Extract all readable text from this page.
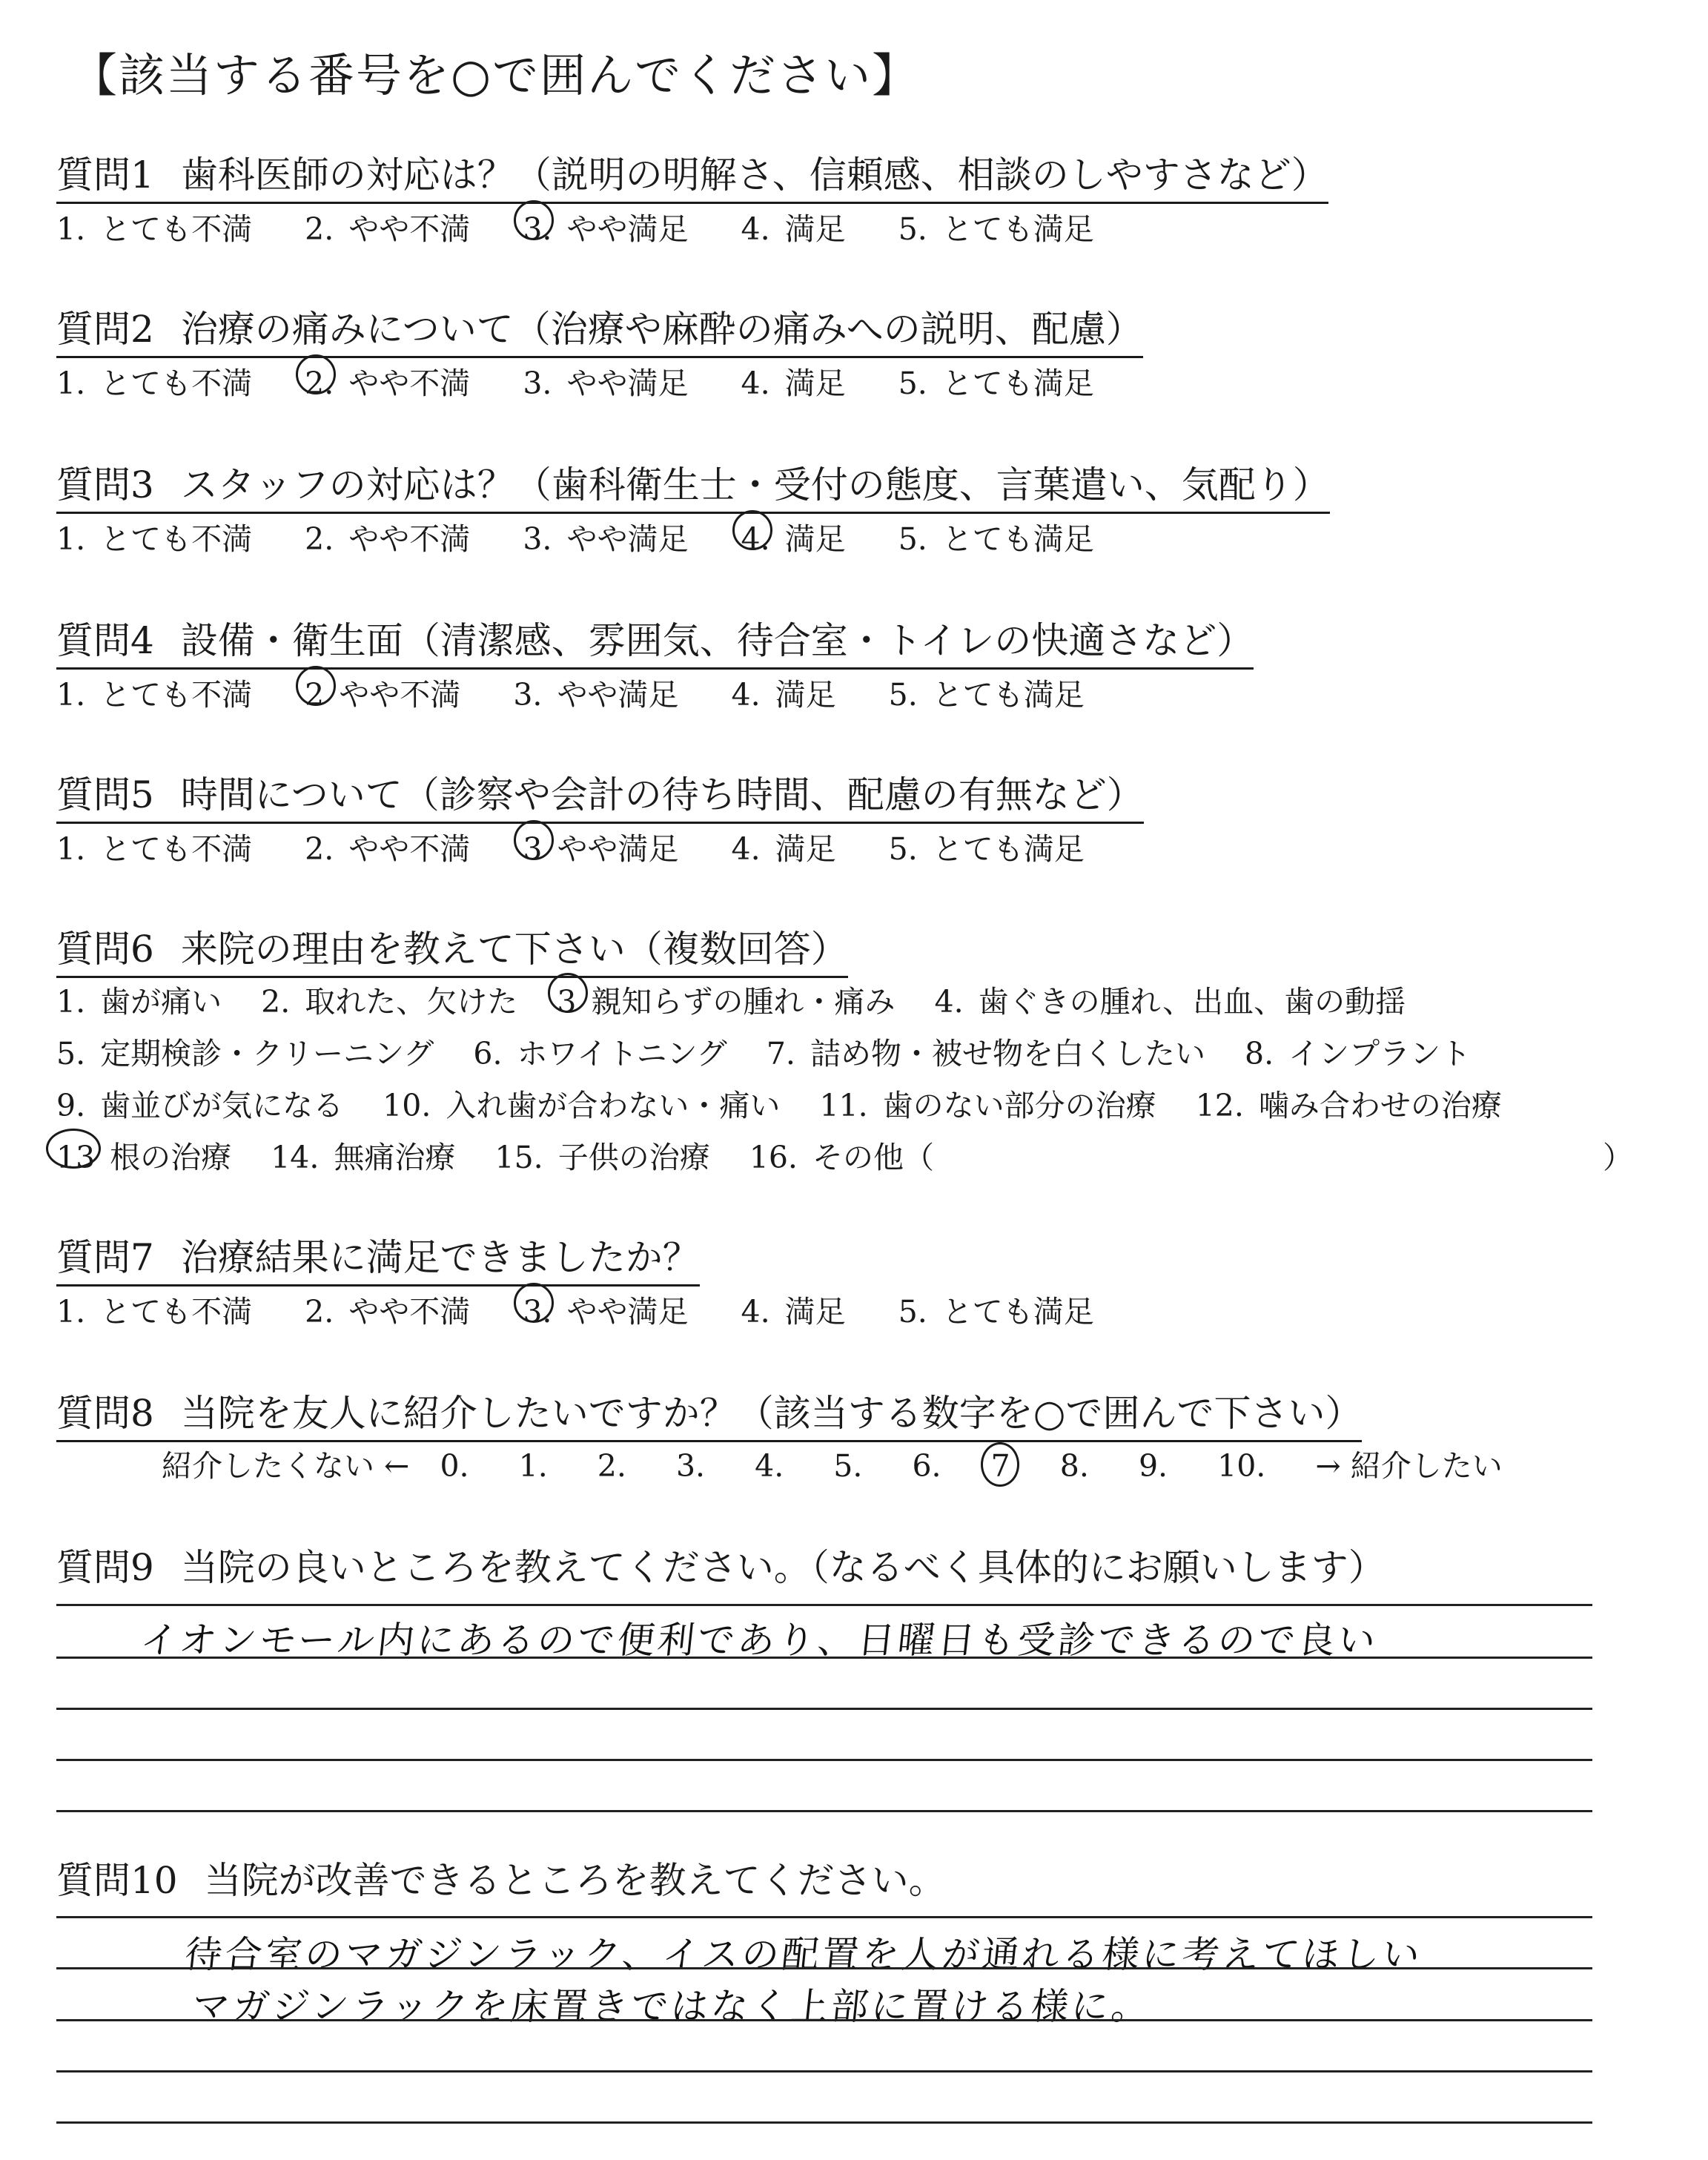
【該当する番号を○で囲んでください】
質問1 歯科医師の対応は？（説明の明解さ、信頼感、相談のしやすさなど）
1. とても不満 2. やや不満 3. やや満足 4. 満足 5. とても満足
質問2 治療の痛みについて（治療や麻酔の痛みへの説明、配慮）
1. とても不満 2. やや不満 3. やや満足 4. 満足 5. とても満足
質問3 スタッフの対応は？（歯科衛生士・受付の態度、言葉遣い、気配り）
1. とても不満 2. やや不満 3. やや満足 4. 満足 5. とても満足
質問4 設備・衛生面（清潔感、雰囲気、待合室・トイレの快適さなど）
1. とても不満 2 やや不満 3. やや満足 4. 満足 5. とても満足
質問5 時間について（診察や会計の待ち時間、配慮の有無など）
1. とても不満 2. やや不満 3 やや満足 4. 満足 5. とても満足
質問6 来院の理由を教えて下さい（複数回答）
1. 歯が痛い 2. 取れた、欠けた 3 親知らずの腫れ・痛み 4. 歯ぐきの腫れ、出血、歯の動揺
5. 定期検診・クリーニング 6. ホワイトニング 7. 詰め物・被せ物を白くしたい 8. インプラント
9. 歯並びが気になる 10. 入れ歯が合わない・痛い 11. 歯のない部分の治療 12. 噛み合わせの治療
13 根の治療 14. 無痛治療 15. 子供の治療 16. その他（	）
質問7 治療結果に満足できましたか？
1. とても不満 2. やや不満 3. やや満足 4. 満足 5. とても満足
質問8 当院を友人に紹介したいですか？（該当する数字を○で囲んで下さい）
紹介したくない ← 0. 1. 2. 3. 4. 5. 6. 7 8. 9. 10. → 紹介したい
質問9 当院の良いところを教えてください。（なるべく具体的にお願いします）
イオンモール内にあるので便利であり、日曜日も受診できるので良い
質問10 当院が改善できるところを教えてください。
待合室のマガジンラック、イスの配置を人が通れる様に考えてほしい
マガジンラックを床置きではなく上部に置ける様に。
